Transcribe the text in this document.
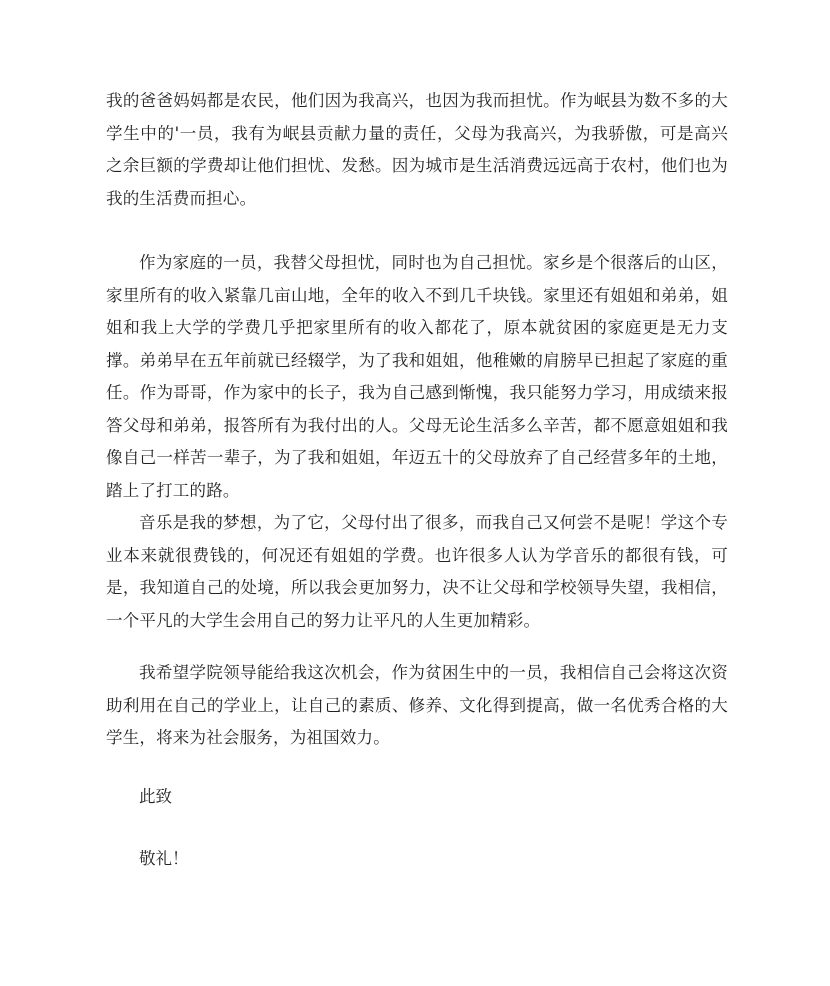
我的爸爸妈妈都是农民，他们因为我高兴，也因为我而担忧。作为岷县为数不多的大学生中的'一员，我有为岷县贡献力量的责任，父母为我高兴，为我骄傲，可是高兴之余巨额的学费却让他们担忧、发愁。因为城市是生活消费远远高于农村，他们也为我的生活费而担心。

作为家庭的一员，我替父母担忧，同时也为自己担忧。家乡是个很落后的山区，家里所有的收入紧靠几亩山地，全年的收入不到几千块钱。家里还有姐姐和弟弟，姐姐和我上大学的学费几乎把家里所有的收入都花了，原本就贫困的家庭更是无力支撑。弟弟早在五年前就已经辍学，为了我和姐姐，他稚嫩的肩膀早已担起了家庭的重任。作为哥哥，作为家中的长子，我为自己感到惭愧，我只能努力学习，用成绩来报答父母和弟弟，报答所有为我付出的人。父母无论生活多么辛苦，都不愿意姐姐和我像自己一样苦一辈子，为了我和姐姐，年迈五十的父母放弃了自己经营多年的土地，踏上了打工的路。

音乐是我的梦想，为了它，父母付出了很多，而我自己又何尝不是呢！学这个专业本来就很费钱的，何况还有姐姐的学费。也许很多人认为学音乐的都很有钱，可是，我知道自己的处境，所以我会更加努力，决不让父母和学校领导失望，我相信，一个平凡的大学生会用自己的努力让平凡的人生更加精彩。

我希望学院领导能给我这次机会，作为贫困生中的一员，我相信自己会将这次资助利用在自己的学业上，让自己的素质、修养、文化得到提高，做一名优秀合格的大学生，将来为社会服务，为祖国效力。

此致

敬礼！
